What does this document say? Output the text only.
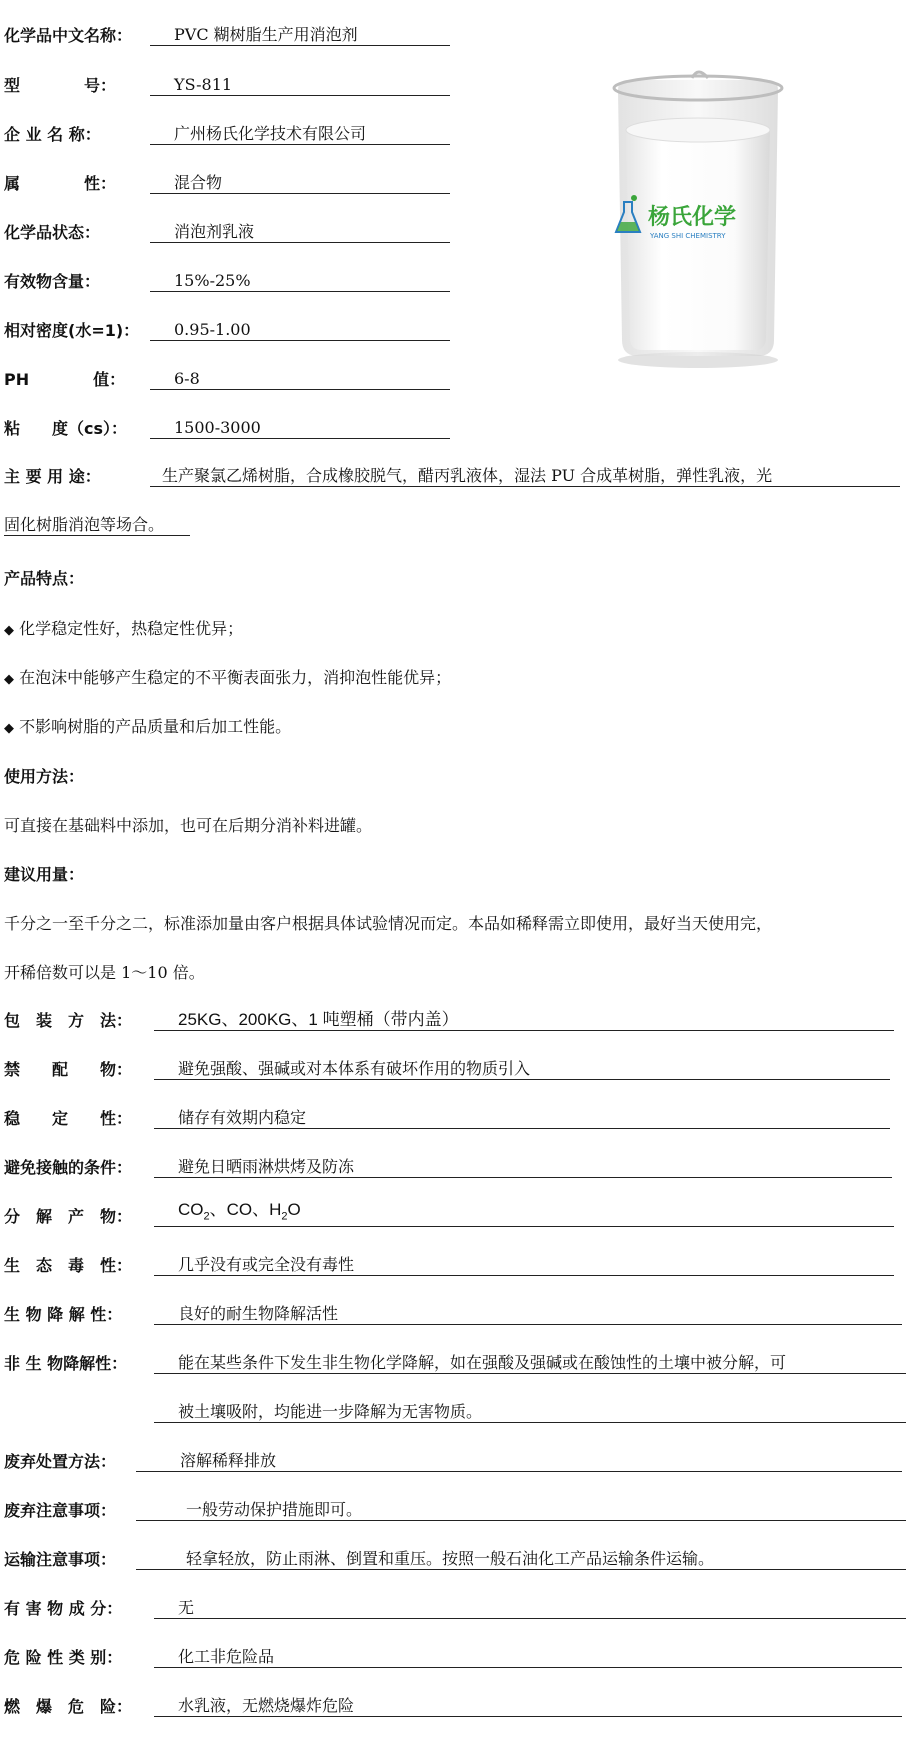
化学品中文名称：	PVC 糊树脂生产用消泡剂
型　　　　号：	YS-811
企 业 名 称：	广州杨氏化学技术有限公司
属　　　　性：	混合物
化学品状态：	消泡剂乳液
有效物含量：	15%-25%
相对密度(水=1)：	0.95-1.00
PH　　　　值：	6-8
粘　　度（cs）：	1500-3000
杨氏化学
YANG SHI CHEMISTRY
主 要 用 途：	生产聚氯乙烯树脂，合成橡胶脱气，醋丙乳液体，湿法 PU 合成革树脂，弹性乳液，光
固化树脂消泡等场合。
产品特点：
◆ 化学稳定性好，热稳定性优异；
◆ 在泡沫中能够产生稳定的不平衡表面张力，消抑泡性能优异；
◆ 不影响树脂的产品质量和后加工性能。
使用方法：
可直接在基础料中添加，也可在后期分消补料进罐。
建议用量：
千分之一至千分之二，标准添加量由客户根据具体试验情况而定。本品如稀释需立即使用，最好当天使用完，
开稀倍数可以是 1～10 倍。
包　装　方　法：	25KG、200KG、1 吨塑桶（带内盖）
禁　　配　　物：	避免强酸、强碱或对本体系有破坏作用的物质引入
稳　　定　　性：	储存有效期内稳定
避免接触的条件：	避免日晒雨淋烘烤及防冻
分　解　产　物：	$CO_2$、CO、$H_2O$
生　态　毒　性：	几乎没有或完全没有毒性
生 物 降 解 性：	良好的耐生物降解活性
非 生 物降解性：	能在某些条件下发生非生物化学降解，如在强酸及强碱或在酸蚀性的土壤中被分解，可
被土壤吸附，均能进一步降解为无害物质。
废弃处置方法：	溶解稀释排放
废弃注意事项：	一般劳动保护措施即可。
运输注意事项：	轻拿轻放，防止雨淋、倒置和重压。按照一般石油化工产品运输条件运输。
有 害 物 成 分：	无
危 险 性 类 别：	化工非危险品
燃　爆　危　险：	水乳液，无燃烧爆炸危险
